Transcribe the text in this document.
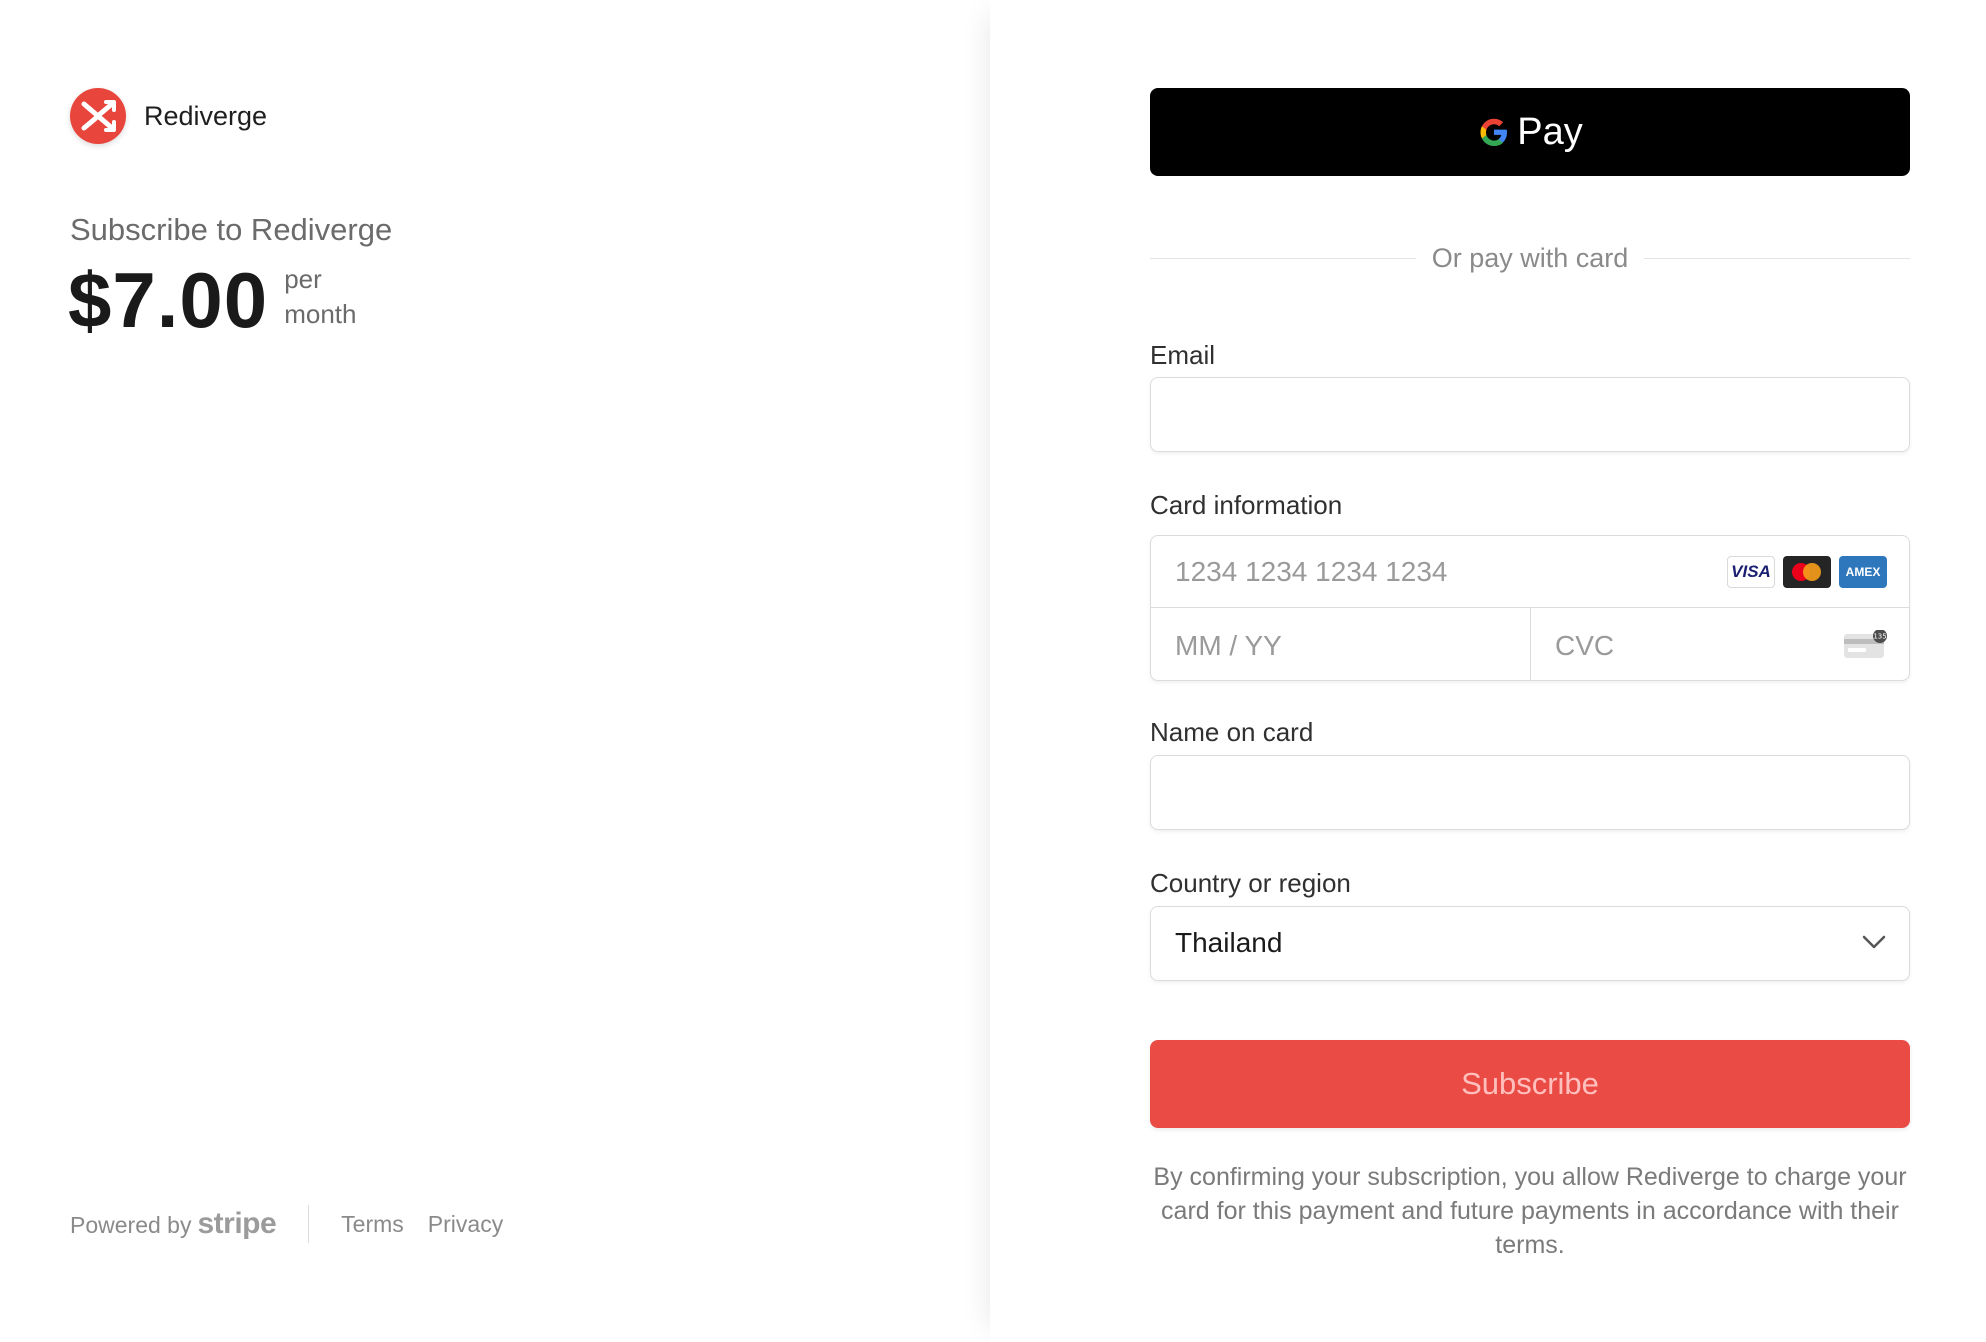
Rediverge
Subscribe to Rediverge
$7.00 per
month
Powered by stripe	Terms Privacy
Pay
Or pay with card
Email
Card information
1234 1234 1234 1234	VISA	AMEX
MM / YY	CVC	135
Name on card
Country or region
Thailand
Subscribe

By confirming your subscription, you allow Rediverge to charge your card for this payment and future payments in accordance with their terms.
